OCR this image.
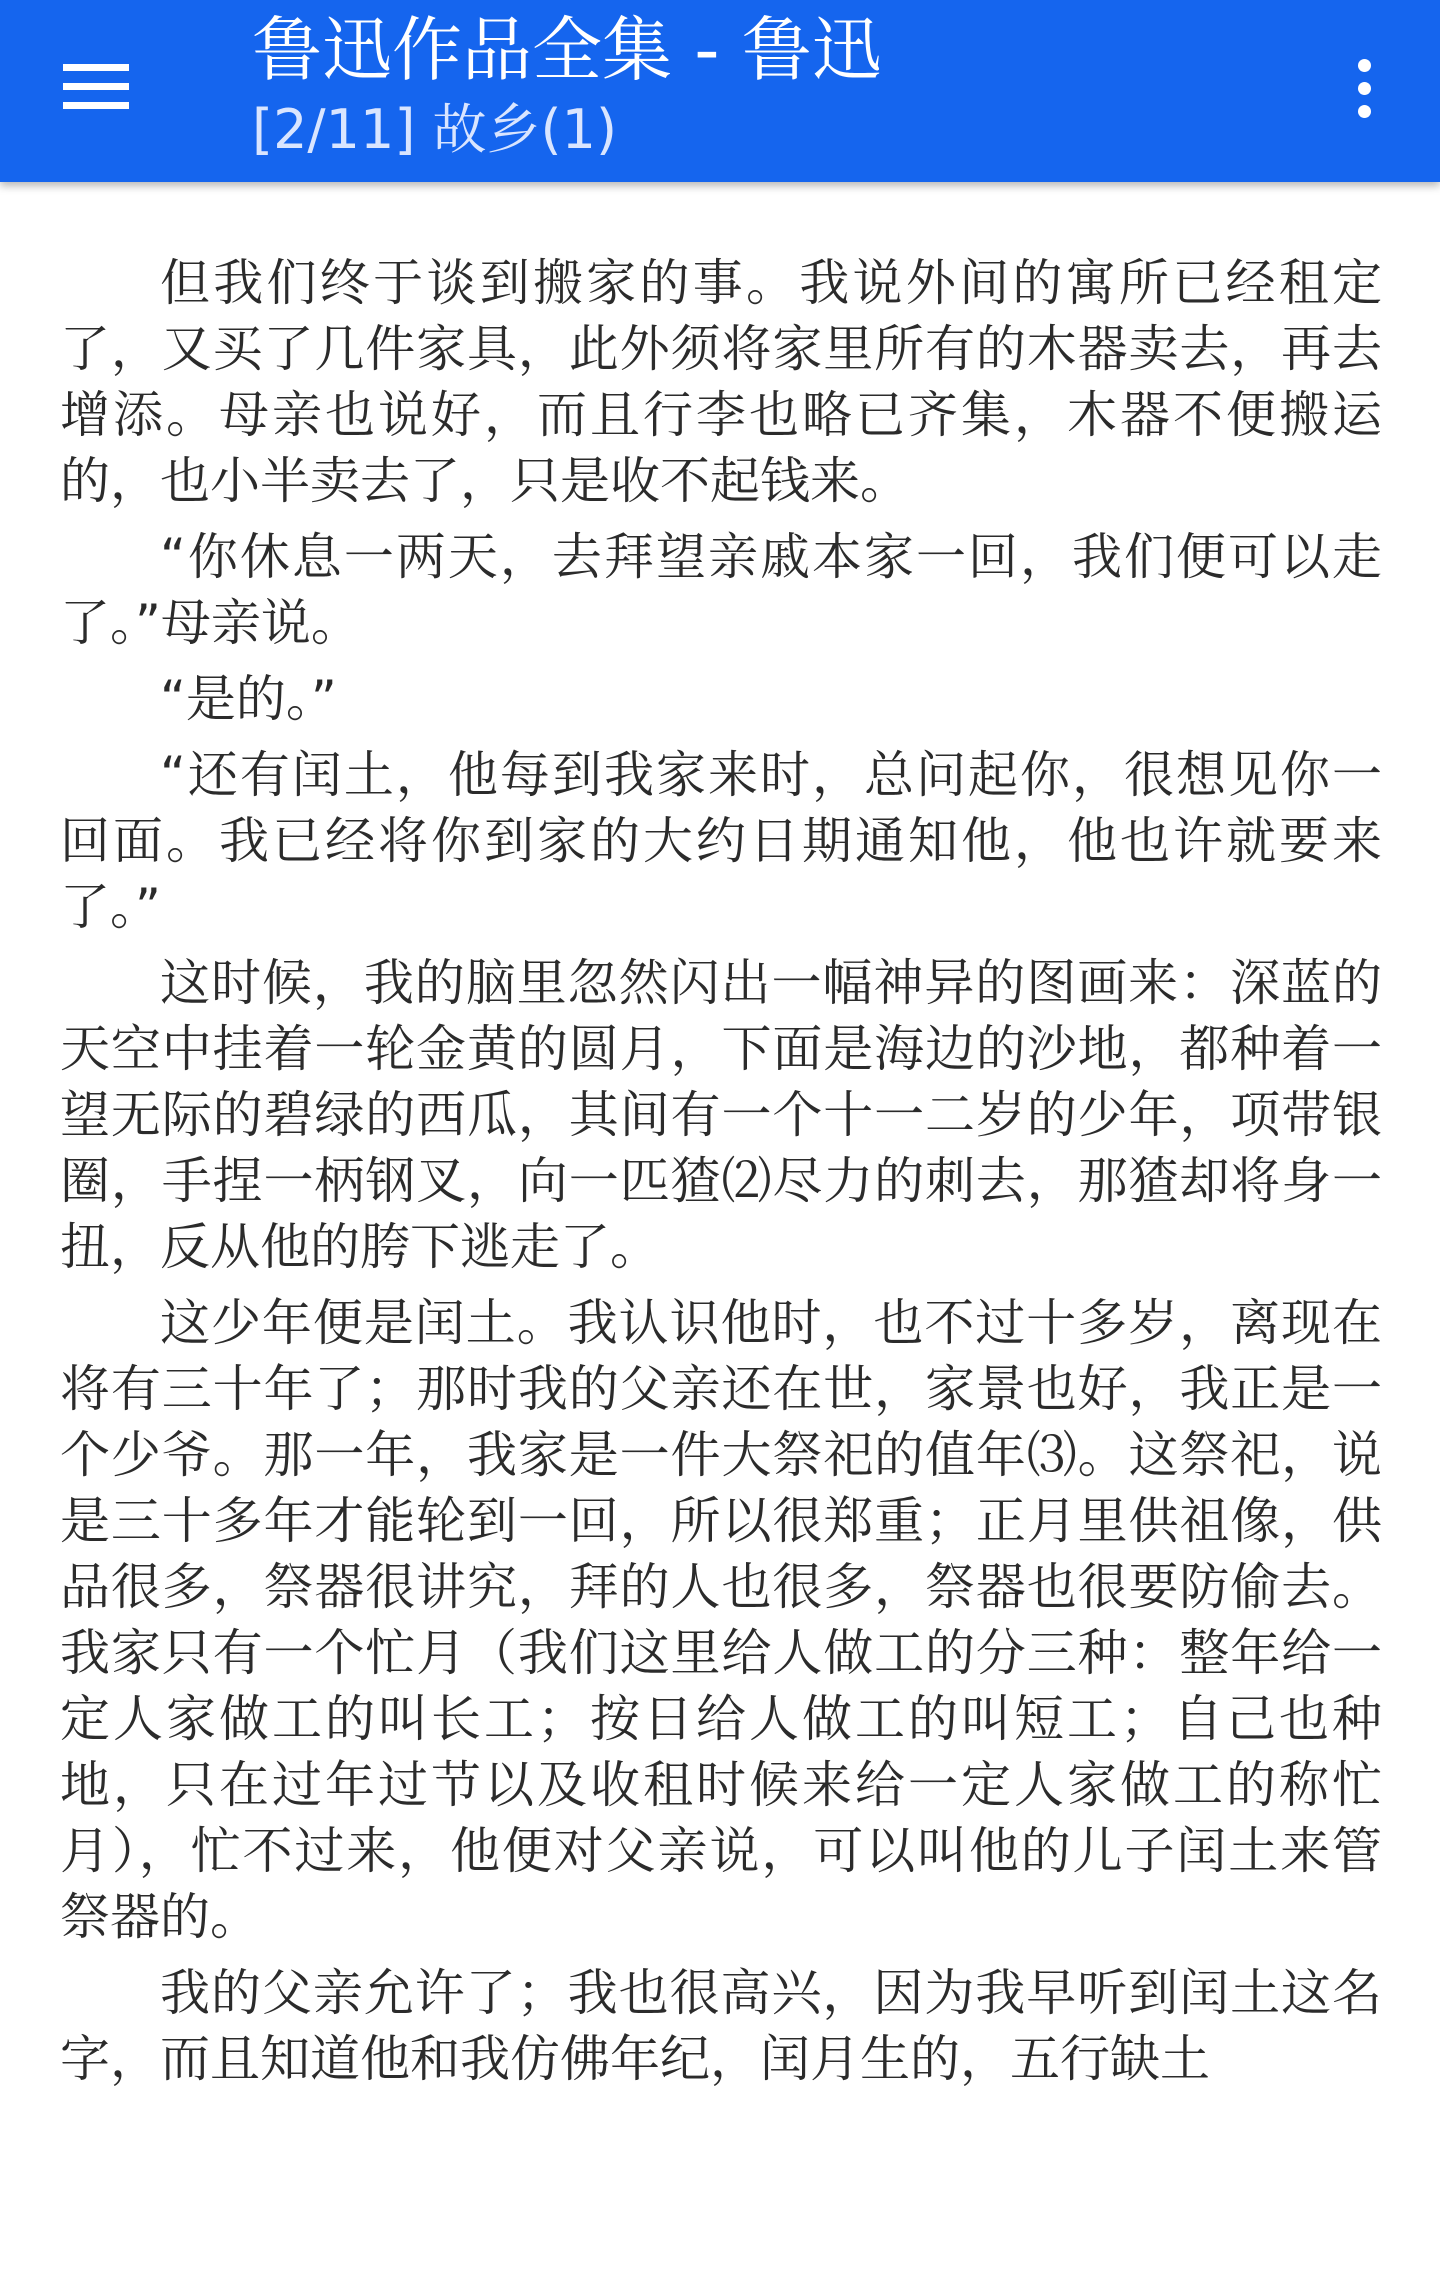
鲁迅作品全集 - 鲁迅
[2/11] 故乡(1)

但我们终于谈到搬家的事。我说外间的寓所已经租定了，又买了几件家具，此外须将家里所有的木器卖去，再去增添。母亲也说好，而且行李也略已齐集，木器不便搬运的，也小半卖去了，只是收不起钱来。

“你休息一两天，去拜望亲戚本家一回，我们便可以走了。”母亲说。

“是的。”

“还有闰土，他每到我家来时，总问起你，很想见你一回面。我已经将你到家的大约日期通知他，他也许就要来了。”

这时候，我的脑里忽然闪出一幅神异的图画来：深蓝的天空中挂着一轮金黄的圆月，下面是海边的沙地，都种着一望无际的碧绿的西瓜，其间有一个十一二岁的少年，项带银圈，手捏一柄钢叉，向一匹猹⑵尽力的刺去，那猹却将身一扭，反从他的胯下逃走了。

这少年便是闰土。我认识他时，也不过十多岁，离现在将有三十年了；那时我的父亲还在世，家景也好，我正是一个少爷。那一年，我家是一件大祭祀的值年⑶。这祭祀，说是三十多年才能轮到一回，所以很郑重；正月里供祖像，供品很多，祭器很讲究，拜的人也很多，祭器也很要防偷去。我家只有一个忙月（我们这里给人做工的分三种：整年给一定人家做工的叫长工；按日给人做工的叫短工；自己也种地，只在过年过节以及收租时候来给一定人家做工的称忙月），忙不过来，他便对父亲说，可以叫他的儿子闰土来管祭器的。

我的父亲允许了；我也很高兴，因为我早听到闰土这名字，而且知道他和我仿佛年纪，闰月生的，五行缺土
